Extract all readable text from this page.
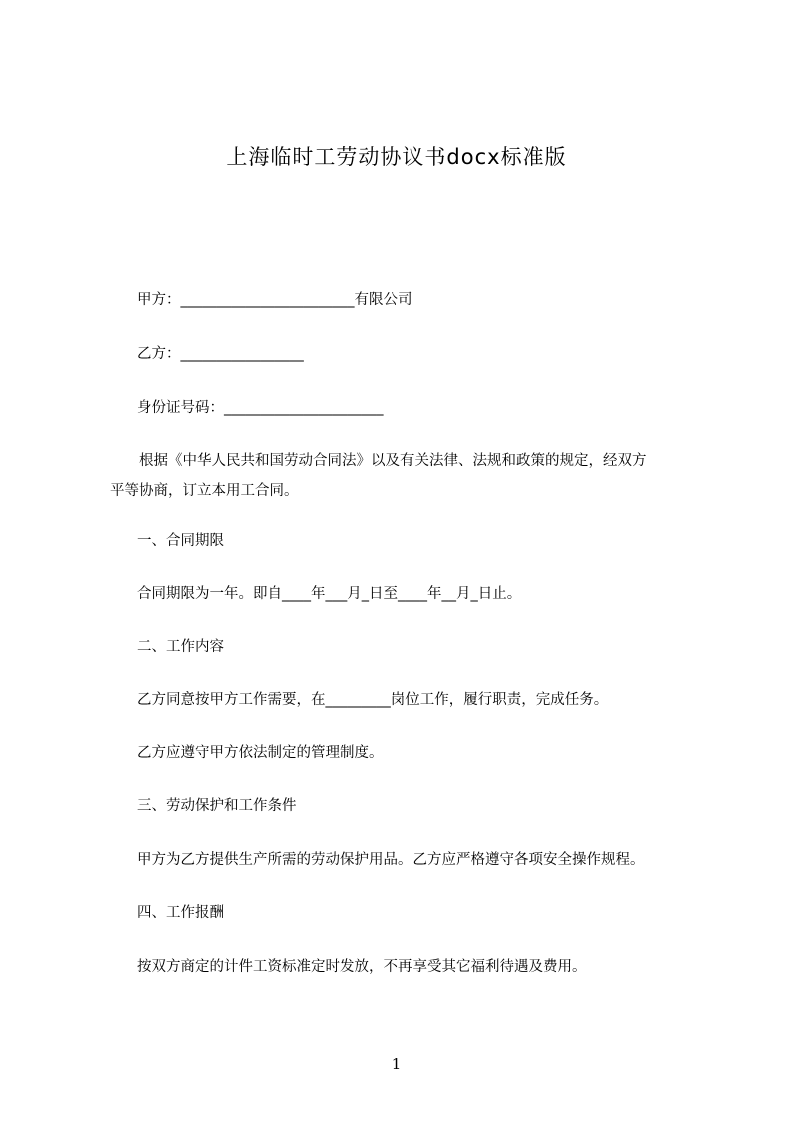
上海临时工劳动协议书docx标准版
甲方：________________________有限公司
乙方：_________________
身份证号码：______________________
根据《中华人民共和国劳动合同法》以及有关法律、法规和政策的规定，经双方
平等协商，订立本用工合同。
一、合同期限
合同期限为一年。即自____年___月_日至____年__月_日止。
二、工作内容
乙方同意按甲方工作需要，在_________岗位工作，履行职责，完成任务。
乙方应遵守甲方依法制定的管理制度。
三、劳动保护和工作条件
甲方为乙方提供生产所需的劳动保护用品。乙方应严格遵守各项安全操作规程。
四、工作报酬
按双方商定的计件工资标准定时发放，不再享受其它福利待遇及费用。
1
